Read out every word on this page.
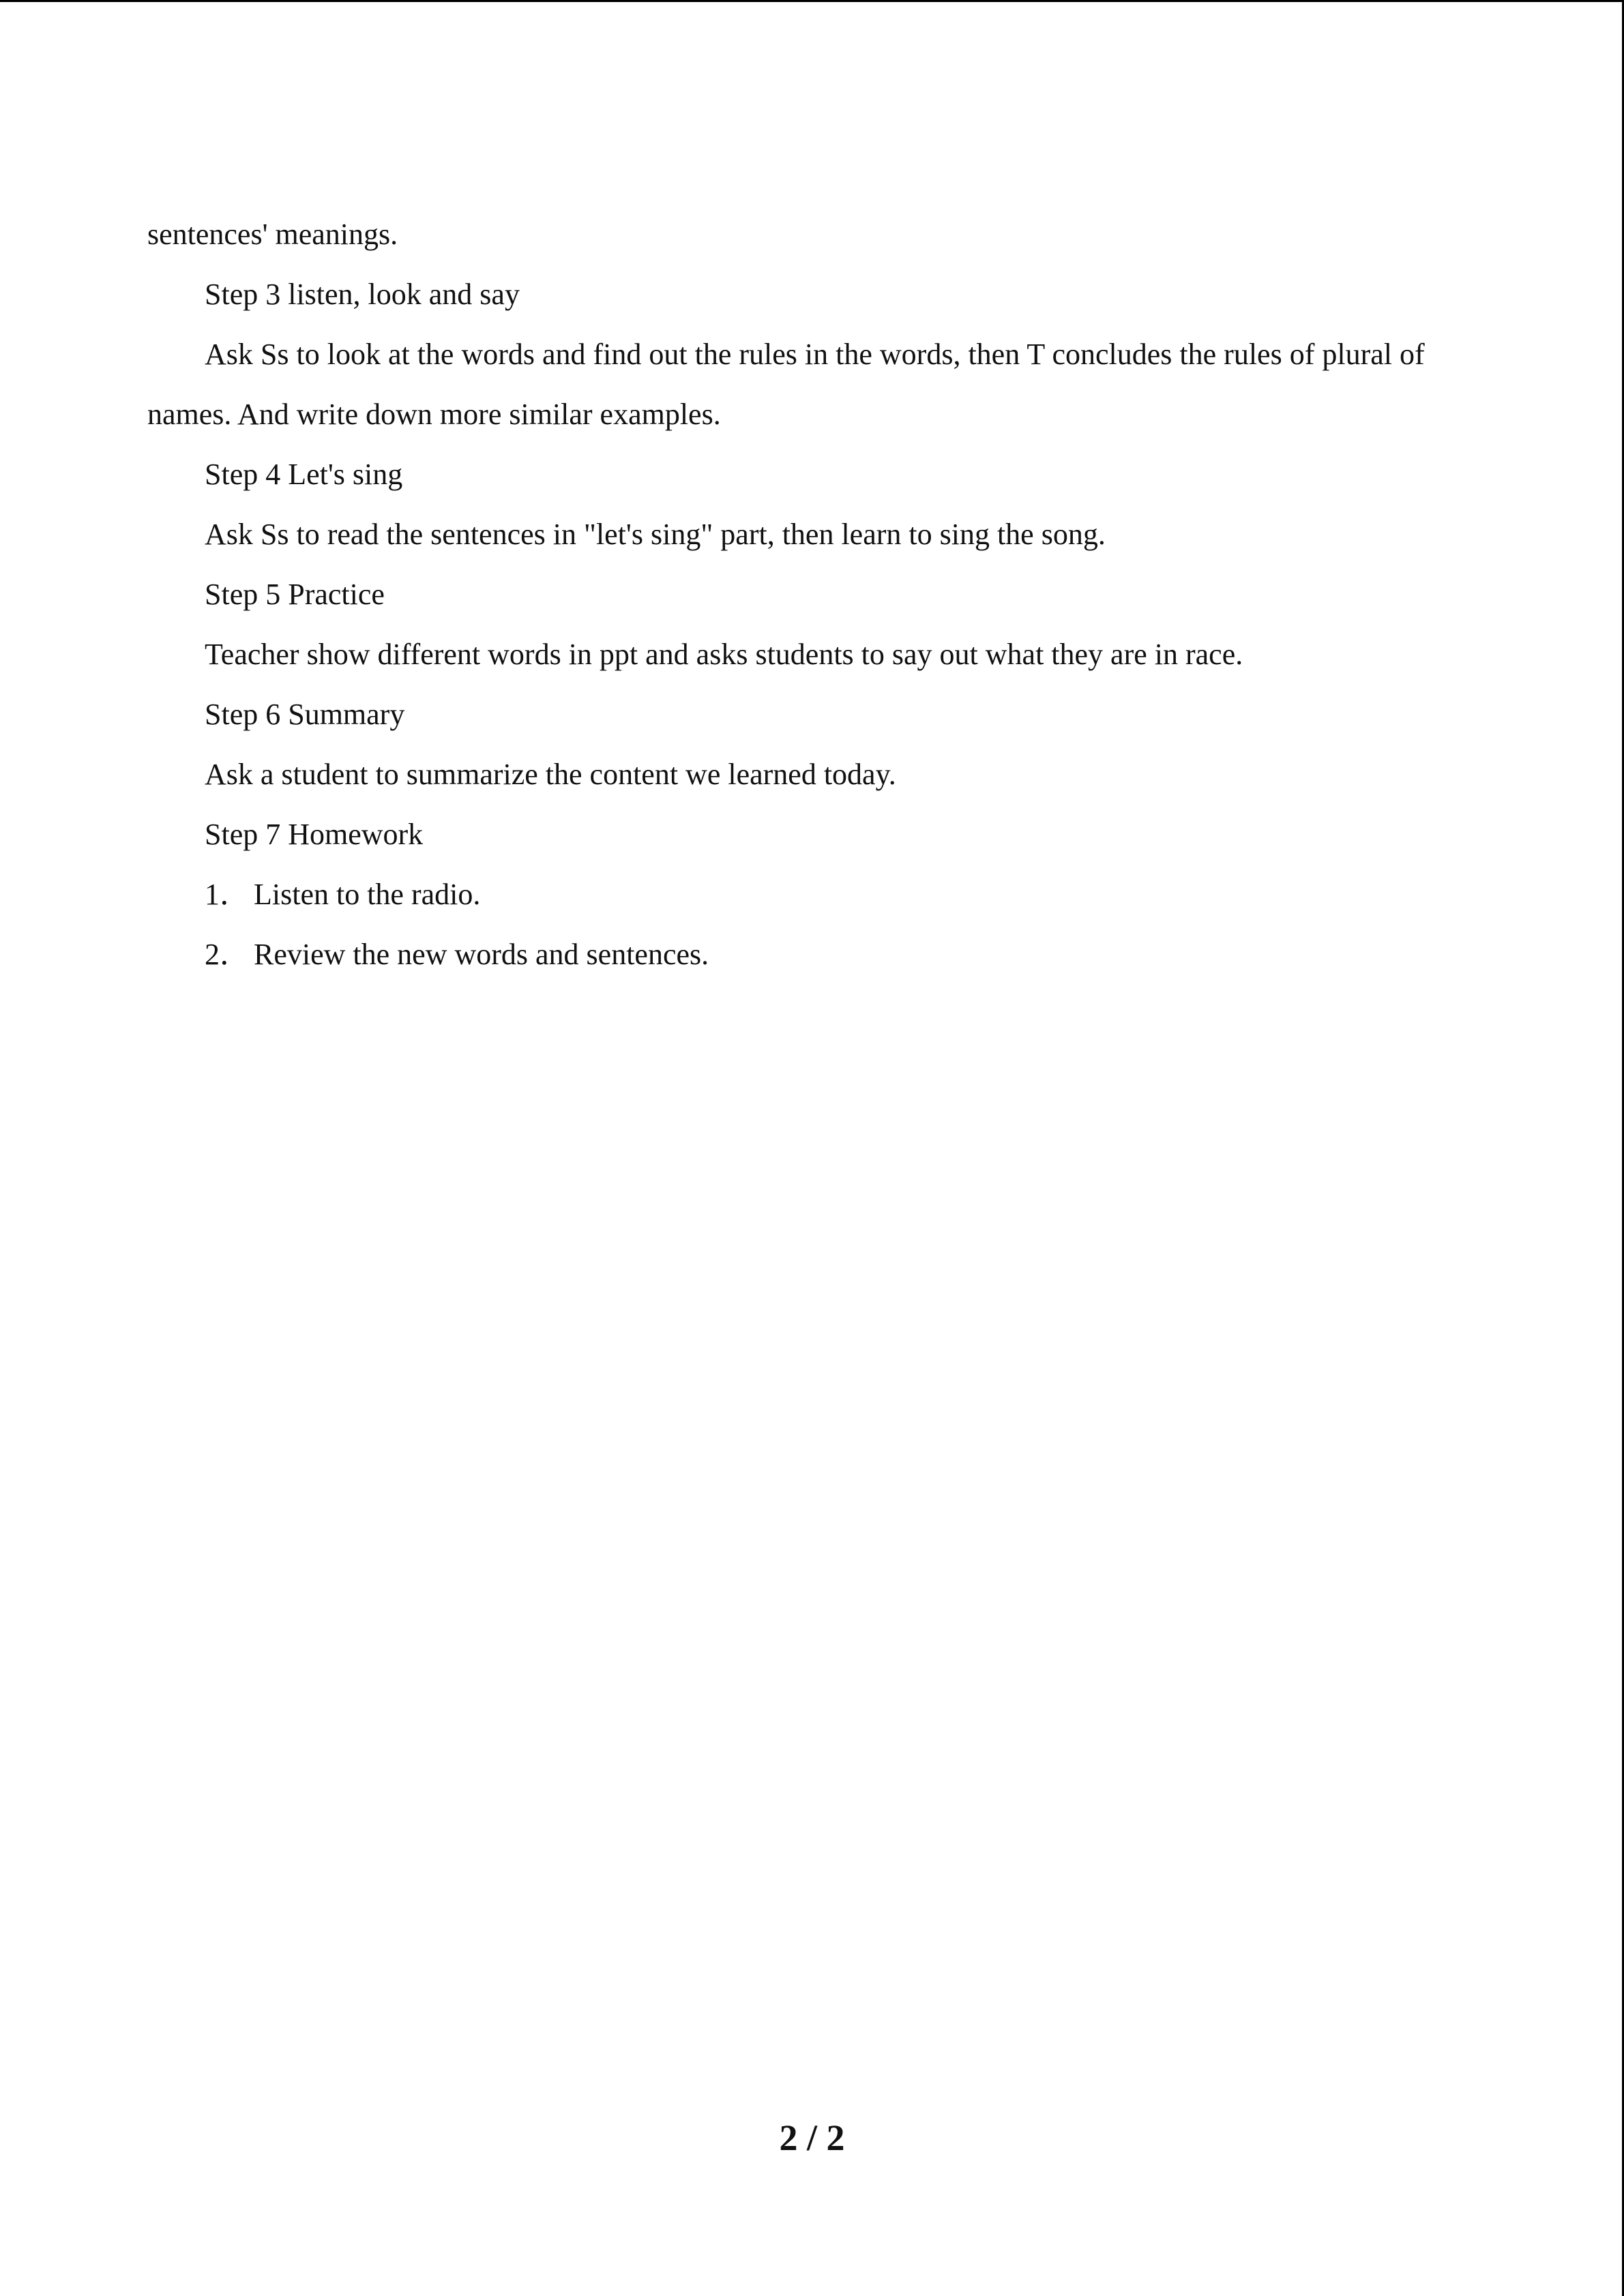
sentences' meanings.

Step 3 listen, look and say

Ask Ss to look at the words and find out the rules in the words, then T concludes the rules of plural of names. And write down more similar examples.

Step 4 Let's sing

Ask Ss to read the sentences in "let's sing" part, then learn to sing the song.

Step 5 Practice

Teacher show different words in ppt and asks students to say out what they are in race.

Step 6 Summary

Ask a student to summarize the content we learned today.

Step 7 Homework

1． Listen to the radio.

2． Review the new words and sentences.

2 / 2
